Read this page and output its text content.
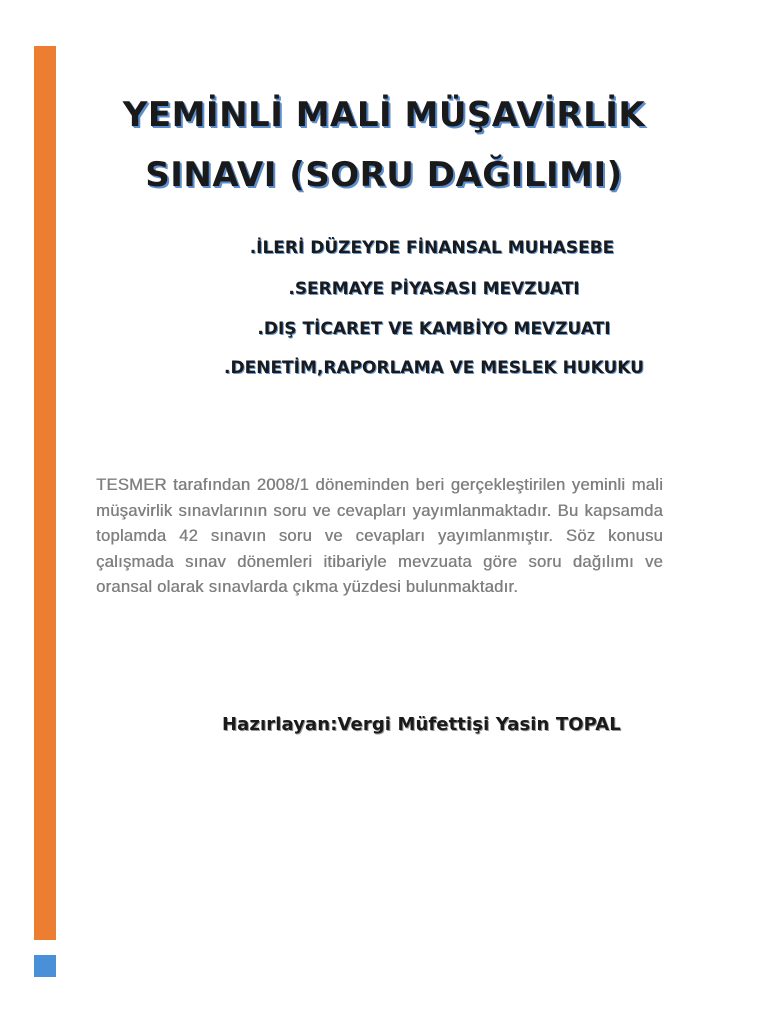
YEMİNLİ MALİ MÜŞAVİRLİK
SINAVI (SORU DAĞILIMI)
.İLERİ DÜZEYDE FİNANSAL MUHASEBE
.SERMAYE PİYASASI MEVZUATI
.DIŞ TİCARET VE KAMBİYO MEVZUATI
.DENETİM,RAPORLAMA VE MESLEK HUKUKU

TESMER tarafından 2008/1 döneminden beri gerçekleştirilen yeminli mali müşavirlik sınavlarının soru ve cevapları yayımlanmaktadır. Bu kapsamda toplamda 42 sınavın soru ve cevapları yayımlanmıştır. Söz konusu çalışmada sınav dönemleri itibariyle mevzuata göre soru dağılımı ve oransal olarak sınavlarda çıkma yüzdesi bulunmaktadır.

Hazırlayan:Vergi Müfettişi Yasin TOPAL
